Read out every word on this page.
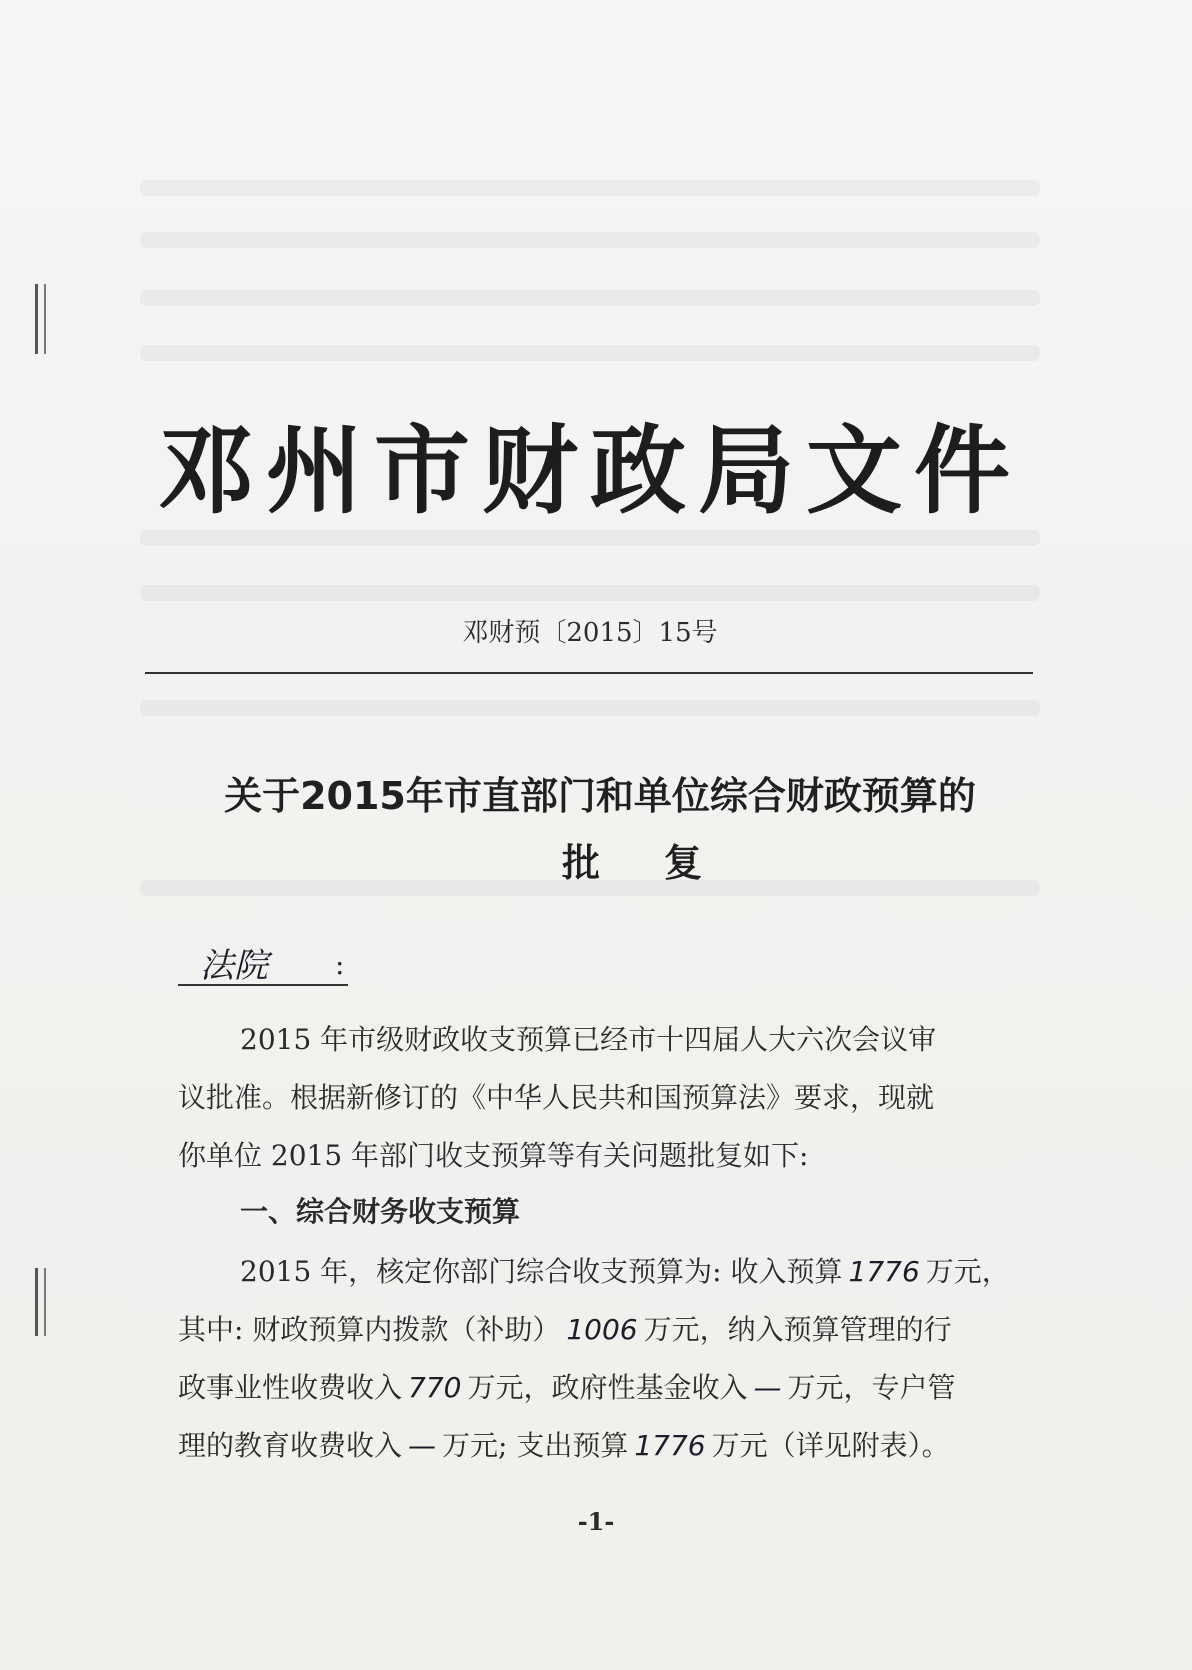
邓州市财政局文件
邓财预〔2015〕15号
关于2015年市直部门和单位综合财政预算的
批复
法院 :
2015 年市级财政收支预算已经市十四届人大六次会议审
议批准。根据新修订的《中华人民共和国预算法》要求，现就
你单位 2015 年部门收支预算等有关问题批复如下:
一、综合财务收支预算
2015 年，核定你部门综合收支预算为: 收入预算 1776 万元，
其中: 财政预算内拨款（补助） 1006 万元，纳入预算管理的行
政事业性收费收入 770 万元，政府性基金收入 — 万元，专户管
理的教育收费收入 — 万元; 支出预算 1776 万元（详见附表）。
-1-
